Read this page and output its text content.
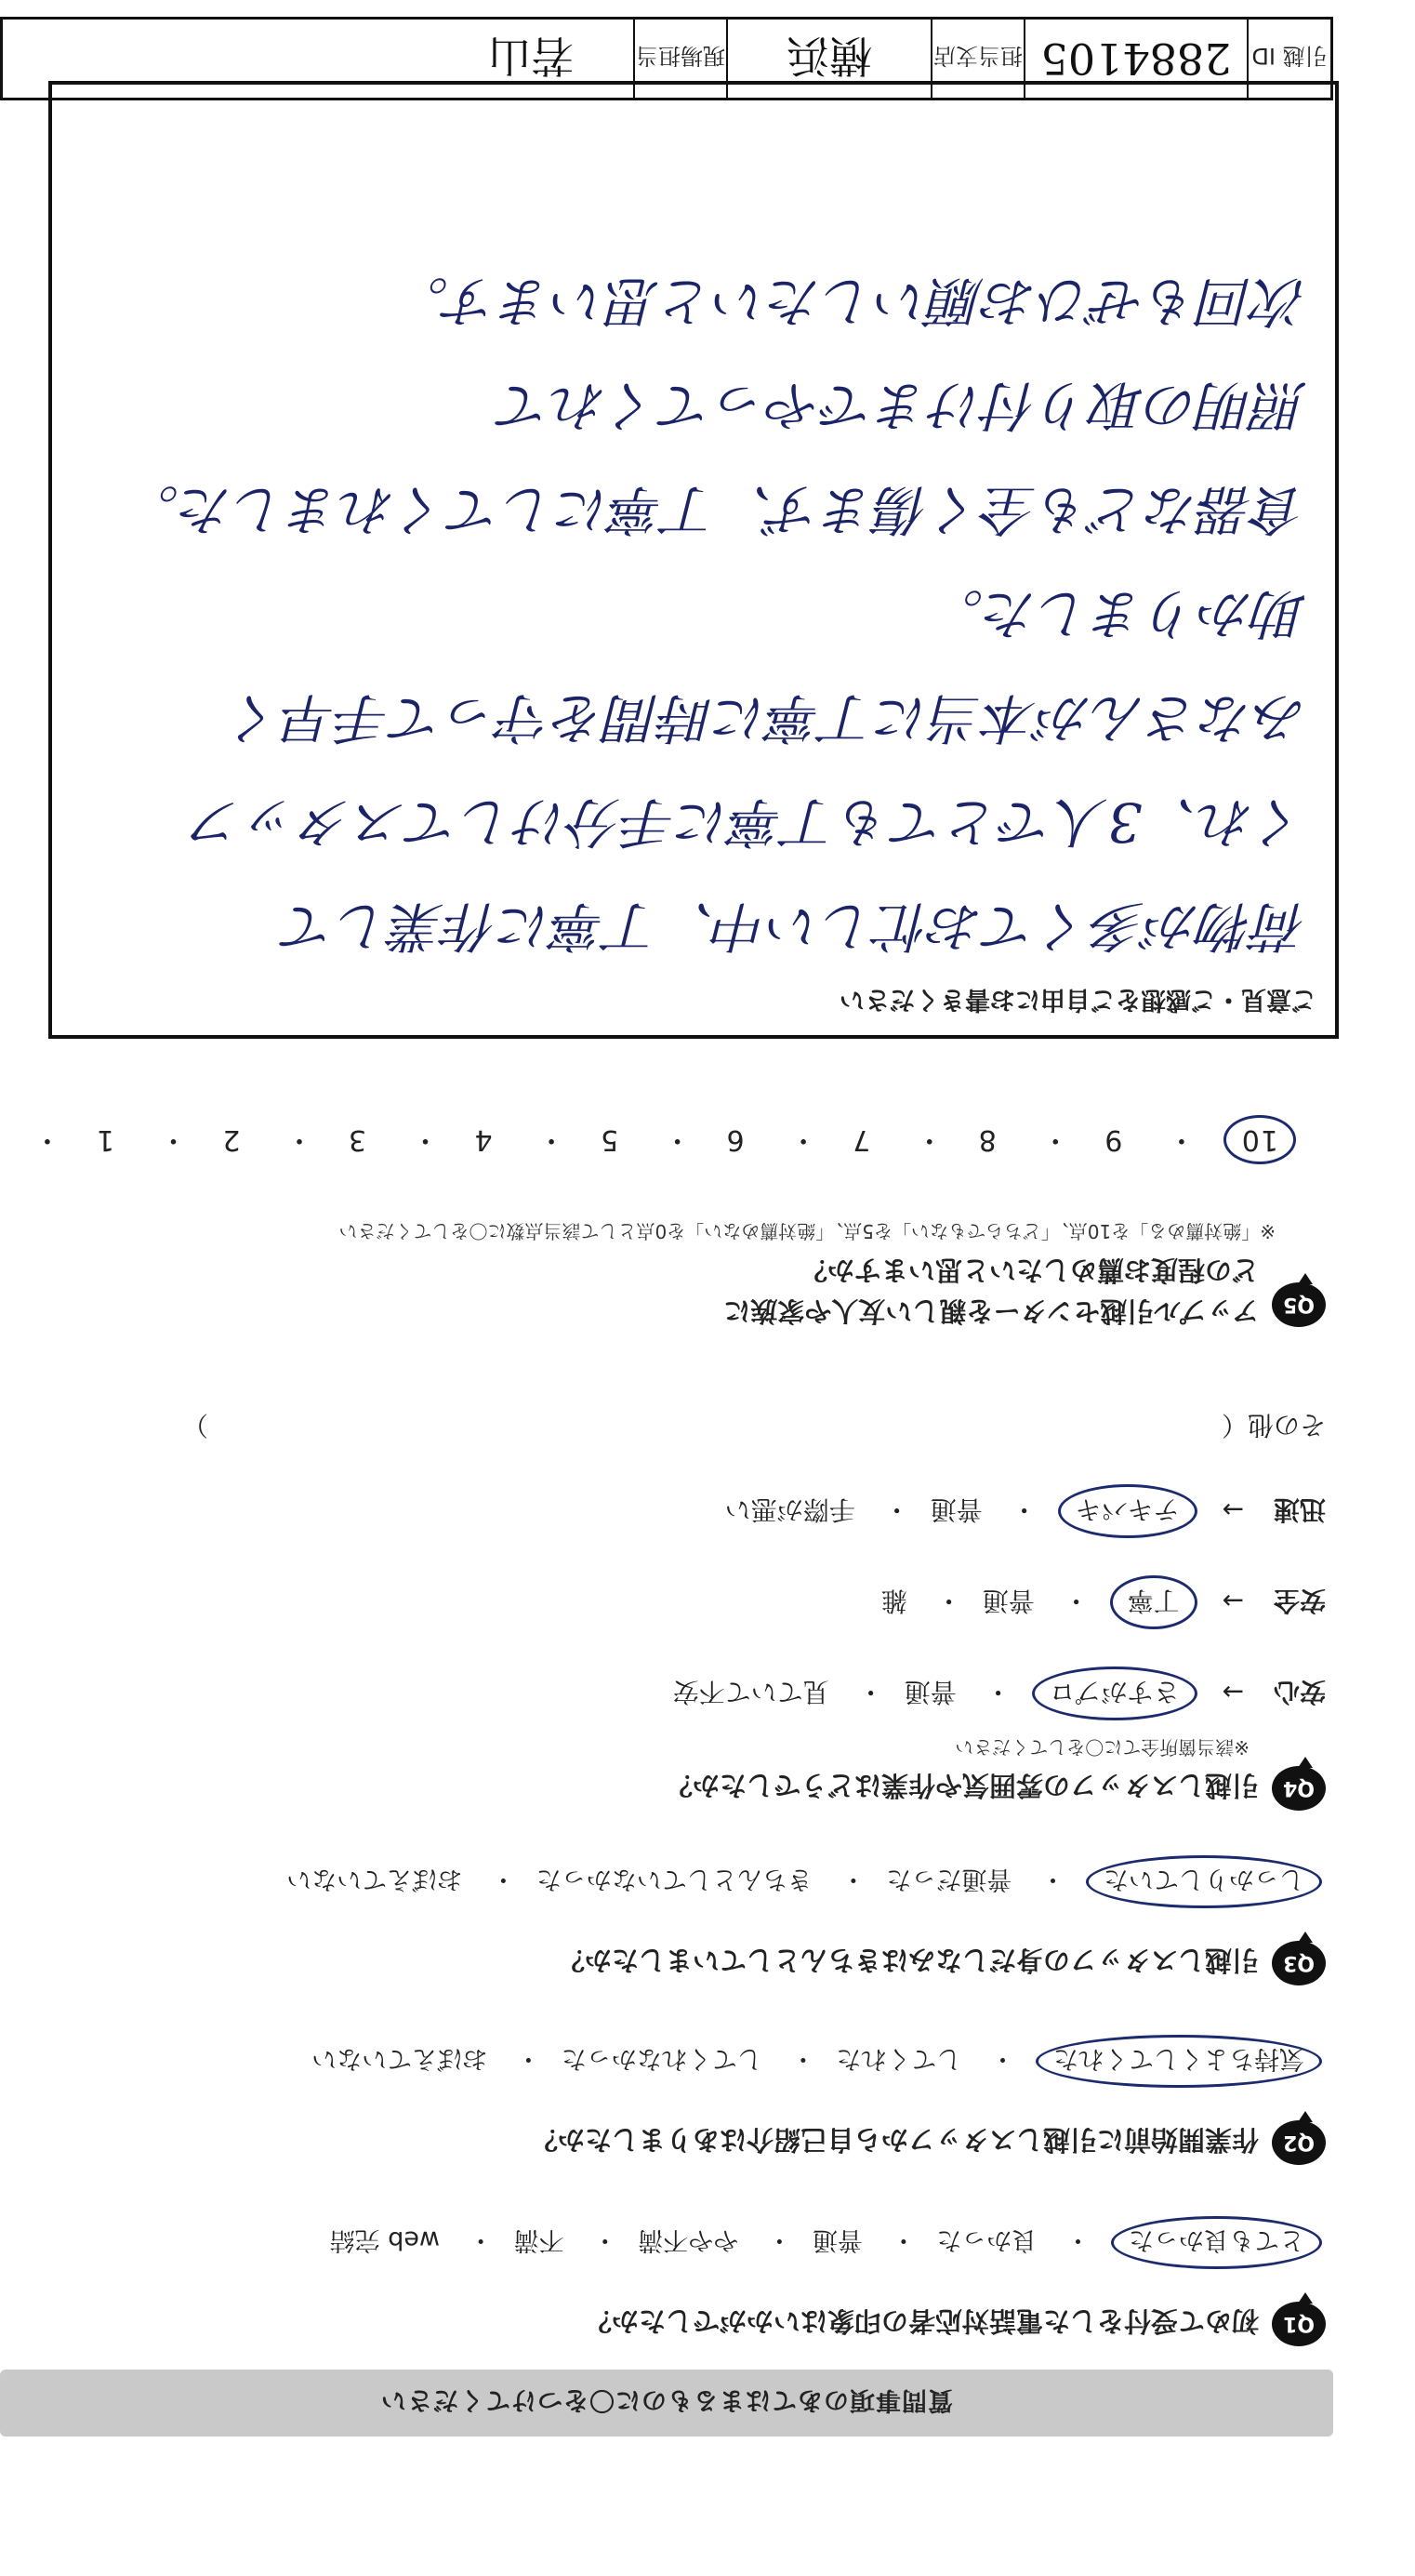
質問事項のあてはまるものに〇をつけてください
Q1
初めて受付をした電話対応者の印象はいかがでしたか？
とても良かった・ 良かった・ 普通・ やや不満・ 不満・ web 完結
Q2
作業開始前に引越しスタッフから自己紹介はありましたか？
気持ちよくしてくれた・ してくれた・ してくれなかった・ おぼえていない
Q3
引越しスタッフの身だしなみはきちんとしていましたか？
しっかりしていた・ 普通だった・ きちんとしていなかった・ おぼえていない
Q4
引越しスタッフの雰囲気や作業はどうでしたか？
※該当箇所全てに〇をしてください
安心→ さすがプロ・ 普通・ 見ていて不安
安全→ 丁寧・ 普通・ 雑
迅速→ テキパキ・ 普通・ 手際が悪い
その他（
）
Q5
アップル引越センターを親しい友人や家族に
どの程度お薦めしたいと思いますか？
※「絶対薦める」を10点、「どちらでもない」を5点、「絶対薦めない」を0点として該当点数に〇をしてください
10・ 9・ 8・ 7・ 6・ 5・ 4・ 3・ 2・ 1・
ご意見・ご感想をご自由にお書きください
荷物が多くてお忙しい中、丁寧に作業して
くれ、3人でとても丁寧に手分けしてスタッフ
みなさんが本当に丁寧に時間を守って手早く
助かりました。
食器なども全く傷まず、丁寧にしてくれました。
照明の取り付けまでやってくれて
次回もぜひお願いしたいと思います。
引越 ID
2884105
担当支店
横浜
現場担当
若山
